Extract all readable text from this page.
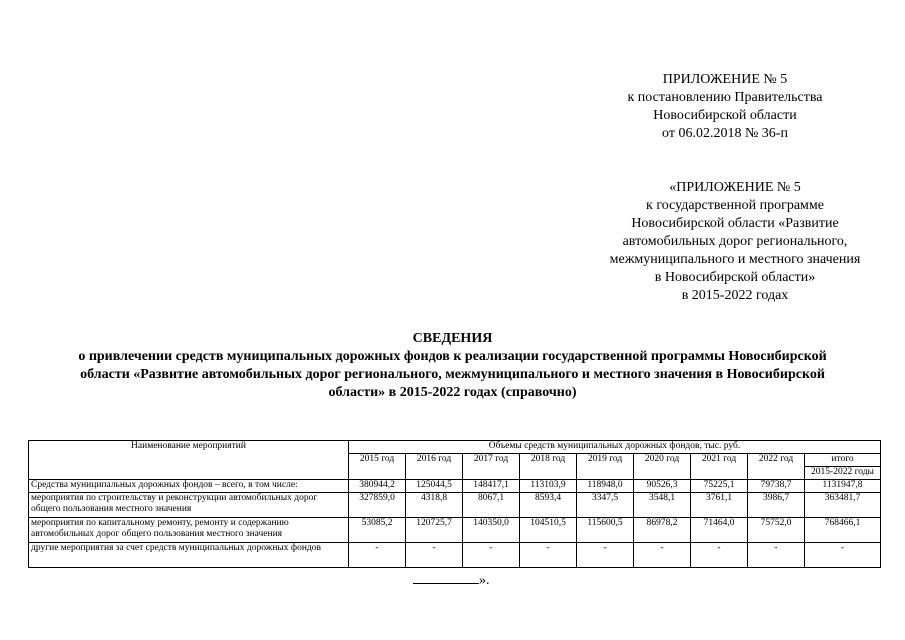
ПРИЛОЖЕНИЕ № 5
к постановлению Правительства
Новосибирской области
от 06.02.2018 № 36-п
«ПРИЛОЖЕНИЕ № 5
к государственной программе
Новосибирской области «Развитие
автомобильных дорог регионального,
межмуниципального и местного значения
в Новосибирской области»
в 2015-2022 годах
СВЕДЕНИЯ
о привлечении средств муниципальных дорожных фондов к реализации государственной программы Новосибирской
области «Развитие автомобильных дорог регионального, межмуниципального и местного значения в Новосибирской
области» в 2015-2022 годах (справочно)
Наименование мероприятий	Объемы средств муниципальных дорожных фондов, тыс. руб.								
	2015 год	2016 год	2017 год	2018 год	2019 год	2020 год	2021 год	2022 год	итого
									2015-2022 годы
Средства муниципальных дорожных фондов – всего, в том числе:	380944,2	125044,5	148417,1	113103,9	118948,0	90526,3	75225,1	79738,7	1131947,8
мероприятия по строительству и реконструкции автомобильных дорог общего пользования местного значения	327859,0	4318,8	8067,1	8593,4	3347,5	3548,1	3761,1	3986,7	363481,7
мероприятия по капитальному ремонту, ремонту и содержанию автомобильных дорог общего пользования местного значения	53085,2	120725,7	140350,0	104510,5	115600,5	86978,2	71464,0	75752,0	768466,1
другие мероприятия за счет средств муниципальных дорожных фондов	-	-	-	-	-	-	-	-	-
».
